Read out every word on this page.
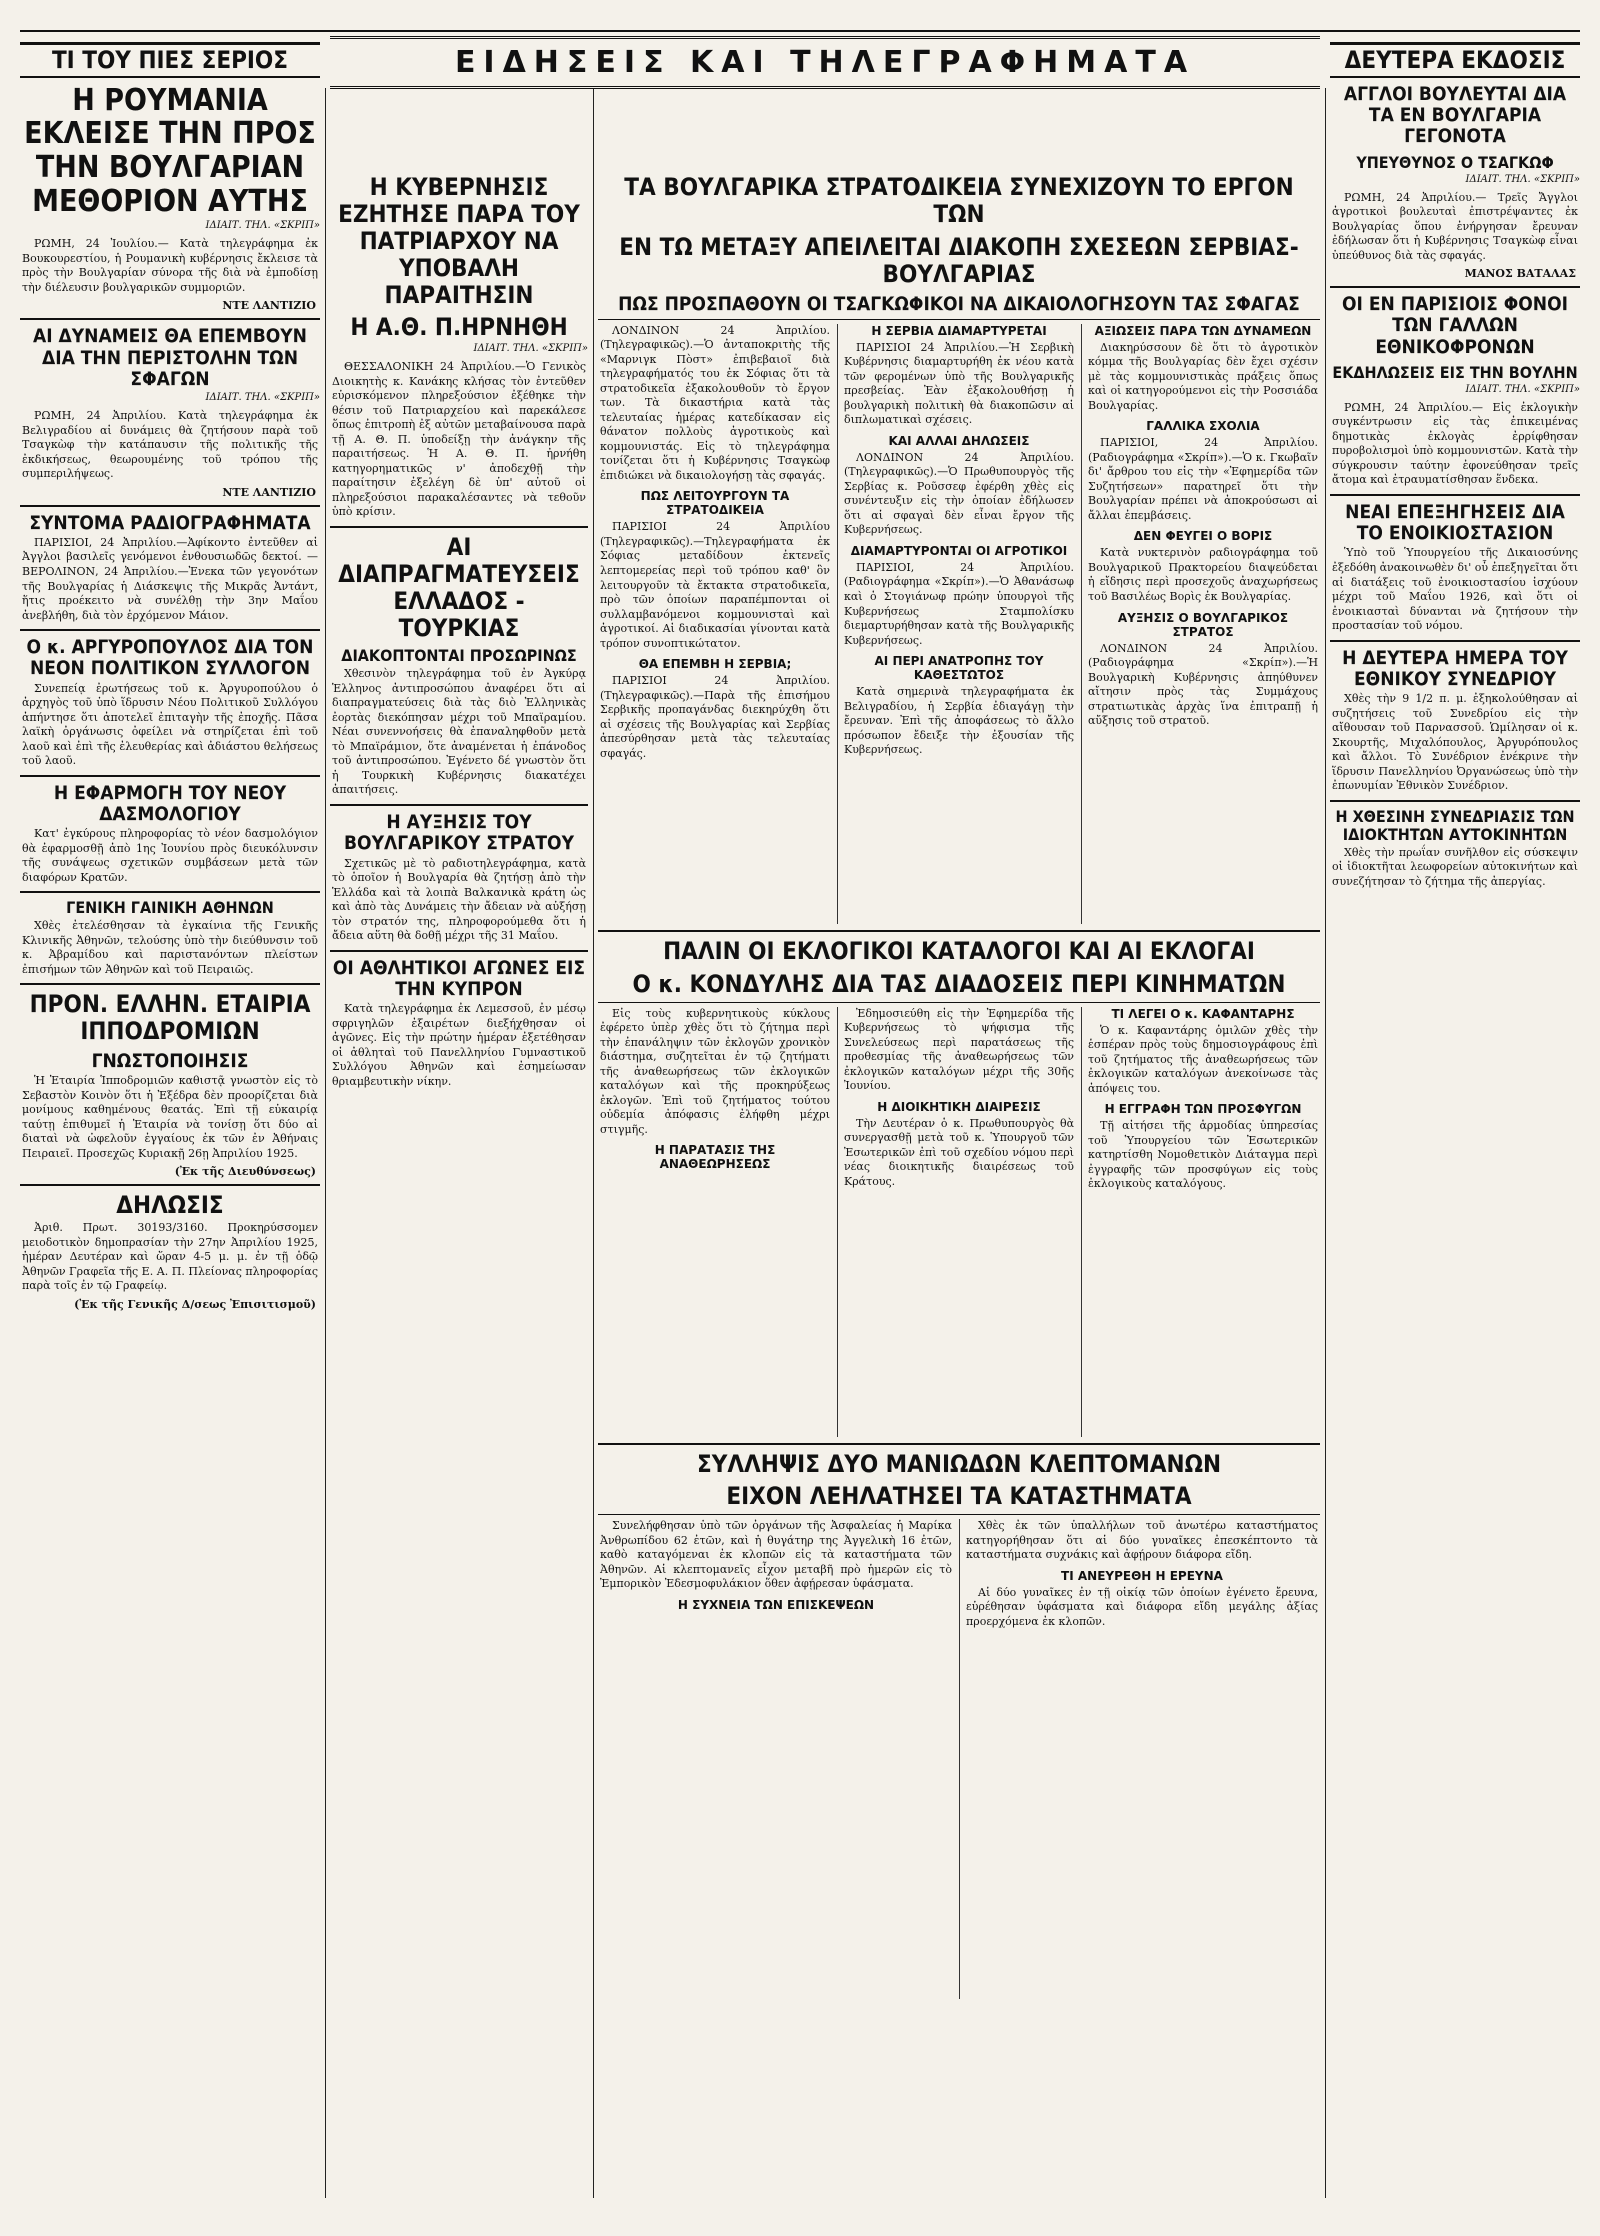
ΕΙΔΗΣΕΙΣ ΚΑΙ ΤΗΛΕΓΡΑΦΗΜΑΤΑ
ΤΙ ΤΟΥ ΠΙΕΣ ΣΕΡΙΟΣ
Η ΡΟΥΜΑΝΙΑ ΕΚΛΕΙΣΕ ΤΗΝ ΠΡΟΣ ΤΗΝ ΒΟΥΛΓΑΡΙΑΝ ΜΕΘΟΡΙΟΝ ΑΥΤΗΣ
ΙΔΙΑΙΤ. ΤΗΛ. «ΣΚΡΙΠ»

ΡΩΜΗ, 24 Ἰουλίου.— Κατὰ τηλεγράφημα ἐκ Βουκουρεστίου, ἡ Ρουμανικὴ κυβέρνησις ἔκλεισε τὰ πρὸς τὴν Βουλγαρίαν σύνορα τῆς διὰ νὰ ἐμποδίσῃ τὴν διέλευσιν βουλγαρικῶν συμμοριῶν.

ΝΤΕ ΛΑΝΤΙΖΙΟ
ΑΙ ΔΥΝΑΜΕΙΣ ΘΑ ΕΠΕΜΒΟΥΝ ΔΙΑ ΤΗΝ ΠΕΡΙΣΤΟΛΗΝ ΤΩΝ ΣΦΑΓΩΝ
ΙΔΙΑΙΤ. ΤΗΛ. «ΣΚΡΙΠ»

ΡΩΜΗ, 24 Ἀπριλίου. Κατὰ τηλεγράφημα ἐκ Βελιγραδίου αἱ δυνάμεις θὰ ζητήσουν παρὰ τοῦ Τσαγκὼφ τὴν κατάπαυσιν τῆς πολιτικῆς τῆς ἐκδικήσεως, θεωρουμένης τοῦ τρόπου τῆς συμπεριλήψεως.

ΝΤΕ ΛΑΝΤΙΖΙΟ
ΣΥΝΤΟΜΑ ΡΑΔΙΟΓΡΑΦΗΜΑΤΑ

ΠΑΡΙΣΙΟΙ, 24 Ἀπριλίου.—Ἀφίκοντο ἐντεῦθεν αἱ Ἀγγλοι βασιλεῖς γενόμενοι ἐνθουσιωδῶς δεκτοί. — ΒΕΡΟΛΙΝΟΝ, 24 Ἀπριλίου.—Ἐνεκα τῶν γεγονότων τῆς Βουλγαρίας ἡ Διάσκεψις τῆς Μικρᾶς Ἀντάντ, ἥτις προέκειτο νὰ συνέλθῃ τὴν 3ην Μαΐου ἀνεβλήθη, διὰ τὸν ἐρχόμενον Μάιον.

Ο κ. ΑΡΓΥΡΟΠΟΥΛΟΣ ΔΙΑ ΤΟΝ ΝΕΟΝ ΠΟΛΙΤΙΚΟΝ ΣΥΛΛΟΓΟΝ

Συνεπείᾳ ἐρωτήσεως τοῦ κ. Ἀργυροπούλου ὁ ἀρχηγὸς τοῦ ὑπὸ ἵδρυσιν Νέου Πολιτικοῦ Συλλόγου ἀπήντησε ὅτι ἀποτελεῖ ἐπιταγὴν τῆς ἐποχῆς. Πᾶσα λαϊκὴ ὀργάνωσις ὀφείλει νὰ στηρίζεται ἐπὶ τοῦ λαοῦ καὶ ἐπὶ τῆς ἐλευθερίας καὶ ἀδιάστου θελήσεως τοῦ λαοῦ.

Η ΕΦΑΡΜΟΓΗ ΤΟΥ ΝΕΟΥ ΔΑΣΜΟΛΟΓΙΟΥ

Κατ' ἐγκύρους πληροφορίας τὸ νέον δασμολόγιον θὰ ἐφαρμοσθῇ ἀπὸ 1ης Ἰουνίου πρὸς διευκόλυνσιν τῆς συνάψεως σχετικῶν συμβάσεων μετὰ τῶν διαφόρων Κρατῶν.

ΓΕΝΙΚΗ ΓΑΙΝΙΚΗ ΑΘΗΝΩΝ

Χθὲς ἐτελέσθησαν τὰ ἐγκαίνια τῆς Γενικῆς Κλινικῆς Ἀθηνῶν, τελούσης ὑπὸ τὴν διεύθυνσιν τοῦ κ. Ἀβραμίδου καὶ παριστανόντων πλείστων ἐπισήμων τῶν Ἀθηνῶν καὶ τοῦ Πειραιῶς.

ΠΡΟΝ. ΕΛΛΗΝ. ΕΤΑΙΡΙΑ ΙΠΠΟΔΡΟΜΙΩΝ
ΓΝΩΣΤΟΠΟΙΗΣΙΣ

Ἡ Ἑταιρία Ἱπποδρομιῶν καθιστᾷ γνωστὸν εἰς τὸ Σεβαστὸν Κοινὸν ὅτι ἡ Ἐξέδρα δὲν προορίζεται διὰ μονίμους καθημένους θεατάς. Ἐπὶ τῇ εὐκαιρίᾳ ταύτῃ ἐπιθυμεῖ ἡ Ἑταιρία νὰ τονίσῃ ὅτι δύο αἱ διαταὶ νὰ ὠφελοῦν ἐγγαίους ἐκ τῶν ἐν Ἀθήναις Πειραιεῖ. Προσεχῶς Κυριακῇ 26ῃ Ἀπριλίου 1925.

(Ἐκ τῆς Διευθύνσεως)
ΔΗΛΩΣΙΣ

Ἀριθ. Πρωτ. 30193/3160. Προκηρύσσομεν μειοδοτικὸν δημοπρασίαν τὴν 27ην Ἀπριλίου 1925, ἡμέραν Δευτέραν καὶ ὥραν 4-5 μ. μ. ἐν τῇ ὁδῷ Ἀθηνῶν Γραφεῖα τῆς Ε. Α. Π. Πλείονας πληροφορίας παρὰ τοῖς ἐν τῷ Γραφείῳ.

(Ἐκ τῆς Γενικῆς Δ/σεως Ἐπισιτισμοῦ)
Η ΚΥΒΕΡΝΗΣΙΣ ΕΖΗΤΗΣΕ ΠΑΡΑ ΤΟΥ ΠΑΤΡΙΑΡΧΟΥ ΝΑ ΥΠΟΒΑΛΗ ΠΑΡΑΙΤΗΣΙΝ
Η Α.Θ. Π.ΗΡΝΗΘΗ
ΙΔΙΑΙΤ. ΤΗΛ. «ΣΚΡΙΠ»

ΘΕΣΣΑΛΟΝΙΚΗ 24 Ἀπριλίου.—Ὁ Γενικὸς Διοικητὴς κ. Κανάκης κλήσας τὸν ἐντεῦθεν εὑρισκόμενον πληρεξούσιον ἐξέθηκε τὴν θέσιν τοῦ Πατριαρχείου καὶ παρεκάλεσε ὅπως ἐπιτροπὴ ἐξ αὐτῶν μεταβαίνουσα παρὰ τῇ Α. Θ. Π. ὑποδείξῃ τὴν ἀνάγκην τῆς παραιτήσεως. Ἡ Α. Θ. Π. ἠρνήθη κατηγορηματικῶς ν' ἀποδεχθῇ τὴν παραίτησιν ἐξελέγη δὲ ὑπ' αὐτοῦ οἱ πληρεξούσιοι παρακαλέσαντες νὰ τεθοῦν ὑπὸ κρίσιν.

ΑΙ ΔΙΑΠΡΑΓΜΑΤΕΥΣΕΙΣ ΕΛΛΑΔΟΣ - ΤΟΥΡΚΙΑΣ
ΔΙΑΚΟΠΤΟΝΤΑΙ ΠΡΟΣΩΡΙΝΩΣ

Χθεσινὸν τηλεγράφημα τοῦ ἐν Ἀγκύρᾳ Ἑλληνος ἀντιπροσώπου ἀναφέρει ὅτι αἱ διαπραγματεύσεις διὰ τὰς διὸ Ἑλληνικὰς ἐορτὰς διεκόπησαν μέχρι τοῦ Μπαϊραμίου. Νέαι συνεννοήσεις θὰ ἐπαναληφθοῦν μετὰ τὸ Μπαϊράμιον, ὅτε ἀναμένεται ἡ ἐπάνοδος τοῦ ἀντιπροσώπου. Ἐγένετο δέ γνωστὸν ὅτι ἡ Τουρκικὴ Κυβέρνησις διακατέχει ἀπαιτήσεις.

Η ΑΥΞΗΣΙΣ ΤΟΥ ΒΟΥΛΓΑΡΙΚΟΥ ΣΤΡΑΤΟΥ

Σχετικῶς μὲ τὸ ραδιοτηλεγράφημα, κατὰ τὸ ὁποῖον ἡ Βουλγαρία θὰ ζητήσῃ ἀπὸ τὴν Ἑλλάδα καὶ τὰ λοιπὰ Βαλκανικὰ κράτη ὡς καὶ ἀπὸ τὰς Δυνάμεις τὴν ἄδειαν νὰ αὐξήσῃ τὸν στρατόν της, πληροφορούμεθα ὅτι ἡ ἄδεια αὕτη θὰ δοθῇ μέχρι τῆς 31 Μαΐου.

ΟΙ ΑΘΛΗΤΙΚΟΙ ΑΓΩΝΕΣ ΕΙΣ ΤΗΝ ΚΥΠΡΟΝ

Κατὰ τηλεγράφημα ἐκ Λεμεσσοῦ, ἐν μέσῳ σφριγηλῶν ἐξαιρέτων διεξήχθησαν οἱ ἀγῶνες. Εἰς τὴν πρώτην ἡμέραν ἐξετέθησαν οἱ ἀθληταὶ τοῦ Πανελληνίου Γυμναστικοῦ Συλλόγου Ἀθηνῶν καὶ ἐσημείωσαν θριαμβευτικὴν νίκην.

ΤΑ ΒΟΥΛΓΑΡΙΚΑ ΣΤΡΑΤΟΔΙΚΕΙΑ ΣΥΝΕΧΙΖΟΥΝ ΤΟ ΕΡΓΟΝ ΤΩΝ
ΕΝ ΤΩ ΜΕΤΑΞΥ ΑΠΕΙΛΕΙΤΑΙ ΔΙΑΚΟΠΗ ΣΧΕΣΕΩΝ ΣΕΡΒΙΑΣ-ΒΟΥΛΓΑΡΙΑΣ
ΠΩΣ ΠΡΟΣΠΑΘΟΥΝ ΟΙ ΤΣΑΓΚΩΦΙΚΟΙ ΝΑ ΔΙΚΑΙΟΛΟΓΗΣΟΥΝ ΤΑΣ ΣΦΑΓΑΣ

ΛΟΝΔΙΝΟΝ 24 Ἀπριλίου. (Τηλεγραφικῶς).—Ὁ ἀνταποκριτὴς τῆς «Μαρνιγκ Πὸστ» ἐπιβεβαιοῖ διὰ τηλεγραφήματός του ἐκ Σόφιας ὅτι τὰ στρατοδικεῖα ἐξακολουθοῦν τὸ ἔργον των. Τὰ δικαστήρια κατὰ τὰς τελευταίας ἡμέρας κατεδίκασαν εἰς θάνατον πολλοὺς ἀγροτικοὺς καὶ κομμουνιστάς. Εἰς τὸ τηλεγράφημα τονίζεται ὅτι ἡ Κυβέρνησις Τσαγκὼφ ἐπιδιώκει νὰ δικαιολογήσῃ τὰς σφαγάς.

ΠΩΣ ΛΕΙΤΟΥΡΓΟΥΝ ΤΑ ΣΤΡΑΤΟΔΙΚΕΙΑ

ΠΑΡΙΣΙΟΙ 24 Ἀπριλίου (Τηλεγραφικῶς).—Τηλεγραφήματα ἐκ Σόφιας μεταδίδουν ἐκτενεῖς λεπτομερείας περὶ τοῦ τρόπου καθ' ὃν λειτουργοῦν τὰ ἔκτακτα στρατοδικεῖα, πρὸ τῶν ὁποίων παραπέμπονται οἱ συλλαμβανόμενοι κομμουνισταὶ καὶ ἀγροτικοί. Αἱ διαδικασίαι γίνονται κατὰ τρόπον συνοπτικώτατον.

ΘΑ ΕΠΕΜΒΗ Η ΣΕΡΒΙΑ;

ΠΑΡΙΣΙΟΙ 24 Ἀπριλίου. (Τηλεγραφικῶς).—Παρὰ τῆς ἐπισήμου Σερβικῆς προπαγάνδας διεκηρύχθη ὅτι αἱ σχέσεις τῆς Βουλγαρίας καὶ Σερβίας ἀπεσύρθησαν μετὰ τὰς τελευταίας σφαγάς.

Η ΣΕΡΒΙΑ ΔΙΑΜΑΡΤΥΡΕΤΑΙ

ΠΑΡΙΣΙΟΙ 24 Ἀπριλίου.—Ἡ Σερβικὴ Κυβέρνησις διαμαρτυρήθη ἐκ νέου κατὰ τῶν φερομένων ὑπὸ τῆς Βουλγαρικῆς πρεσβείας. Ἐὰν ἐξακολουθήσῃ ἡ βουλγαρικὴ πολιτικὴ θὰ διακοπῶσιν αἱ διπλωματικαὶ σχέσεις.

ΚΑΙ ΑΛΛΑΙ ΔΗΛΩΣΕΙΣ

ΛΟΝΔΙΝΟΝ 24 Ἀπριλίου. (Τηλεγραφικῶς).—Ὁ Πρωθυπουργὸς τῆς Σερβίας κ. Ροῦσσεφ ἐφέρθη χθὲς εἰς συνέντευξιν εἰς τὴν ὁποίαν ἐδήλωσεν ὅτι αἱ σφαγαὶ δὲν εἶναι ἔργον τῆς Κυβερνήσεως.

ΔΙΑΜΑΡΤΥΡΟΝΤΑΙ ΟΙ ΑΓΡΟΤΙΚΟΙ

ΠΑΡΙΣΙΟΙ, 24 Ἀπριλίου. (Ραδιογράφημα «Σκρίπ»).—Ὁ Ἀθανάσωφ καὶ ὁ Στογιάνωφ πρώην ὑπουργοὶ τῆς Κυβερνήσεως Σταμπολίσκυ διεμαρτυρήθησαν κατὰ τῆς Βουλγαρικῆς Κυβερνήσεως.

ΑΙ ΠΕΡΙ ΑΝΑΤΡΟΠΗΣ ΤΟΥ ΚΑΘΕΣΤΩΤΟΣ

Κατὰ σημερινὰ τηλεγραφήματα ἐκ Βελιγραδίου, ἡ Σερβία ἐδιαγάγῃ τὴν ἔρευναν. Ἐπὶ τῆς ἀποφάσεως τὸ ἄλλο πρόσωπον ἔδειξε τὴν ἐξουσίαν τῆς Κυβερνήσεως.

ΑΞΙΩΣΕΙΣ ΠΑΡΑ ΤΩΝ ΔΥΝΑΜΕΩΝ

Διακηρύσσουν δὲ ὅτι τὸ ἀγροτικὸν κόμμα τῆς Βουλγαρίας δὲν ἔχει σχέσιν μὲ τὰς κομμουνιστικὰς πράξεις ὅπως καὶ οἱ κατηγορούμενοι εἰς τὴν Ροσσιάδα Βουλγαρίας.

ΓΑΛΛΙΚΑ ΣΧΟΛΙΑ

ΠΑΡΙΣΙΟΙ, 24 Ἀπριλίου. (Ραδιογράφημα «Σκρίπ»).—Ὁ κ. Γκωβαῖν δι' ἄρθρου του εἰς τὴν «Ἐφημερίδα τῶν Συζητήσεων» παρατηρεῖ ὅτι τὴν Βουλγαρίαν πρέπει νὰ ἀποκρούσωσι αἱ ἄλλαι ἐπεμβάσεις.

ΔΕΝ ΦΕΥΓΕΙ Ο ΒΟΡΙΣ

Κατὰ νυκτερινὸν ραδιογράφημα τοῦ Βουλγαρικοῦ Πρακτορείου διαψεύδεται ἡ εἴδησις περὶ προσεχοῦς ἀναχωρήσεως τοῦ Βασιλέως Βορὶς ἐκ Βουλγαρίας.

ΑΥΞΗΣΙΣ Ο ΒΟΥΛΓΑΡΙΚΟΣ ΣΤΡΑΤΟΣ

ΛΟΝΔΙΝΟΝ 24 Ἀπριλίου. (Ραδιογράφημα «Σκρίπ»).—Ἡ Βουλγαρικὴ Κυβέρνησις ἀπηύθυνεν αἴτησιν πρὸς τὰς Συμμάχους στρατιωτικὰς ἀρχὰς ἵνα ἐπιτραπῇ ἡ αὔξησις τοῦ στρατοῦ.

ΠΑΛΙΝ ΟΙ ΕΚΛΟΓΙΚΟΙ ΚΑΤΑΛΟΓΟΙ ΚΑΙ ΑΙ ΕΚΛΟΓΑΙ
Ο κ. ΚΟΝΔΥΛΗΣ ΔΙΑ ΤΑΣ ΔΙΑΔΟΣΕΙΣ ΠΕΡΙ ΚΙΝΗΜΑΤΩΝ

Εἰς τοὺς κυβερνητικοὺς κύκλους ἐφέρετο ὑπὲρ χθὲς ὅτι τὸ ζήτημα περὶ τὴν ἐπανάληψιν τῶν ἐκλογῶν χρονικὸν διάστημα, συζητεῖται ἐν τῷ ζητήματι τῆς ἀναθεωρήσεως τῶν ἐκλογικῶν καταλόγων καὶ τῆς προκηρύξεως ἐκλογῶν. Ἐπὶ τοῦ ζητήματος τούτου οὐδεμία ἀπόφασις ἐλήφθη μέχρι στιγμῆς.

Η ΠΑΡΑΤΑΣΙΣ ΤΗΣ ΑΝΑΘΕΩΡΗΣΕΩΣ

Ἐδημοσιεύθη εἰς τὴν Ἐφημερίδα τῆς Κυβερνήσεως τὸ ψήφισμα τῆς Συνελεύσεως περὶ παρατάσεως τῆς προθεσμίας τῆς ἀναθεωρήσεως τῶν ἐκλογικῶν καταλόγων μέχρι τῆς 30ῆς Ἰουνίου.

Η ΔΙΟΙΚΗΤΙΚΗ ΔΙΑΙΡΕΣΙΣ

Τὴν Δευτέραν ὁ κ. Πρωθυπουργὸς θὰ συνεργασθῇ μετὰ τοῦ κ. Ὑπουργοῦ τῶν Ἐσωτερικῶν ἐπὶ τοῦ σχεδίου νόμου περὶ νέας διοικητικῆς διαιρέσεως τοῦ Κράτους.

ΤΙ ΛΕΓΕΙ Ο κ. ΚΑΦΑΝΤΑΡΗΣ

Ὁ κ. Καφαντάρης ὁμιλῶν χθὲς τὴν ἑσπέραν πρὸς τοὺς δημοσιογράφους ἐπὶ τοῦ ζητήματος τῆς ἀναθεωρήσεως τῶν ἐκλογικῶν καταλόγων ἀνεκοίνωσε τὰς ἀπόψεις του.

Η ΕΓΓΡΑΦΗ ΤΩΝ ΠΡΟΣΦΥΓΩΝ

Τῇ αἰτήσει τῆς ἁρμοδίας ὑπηρεσίας τοῦ Ὑπουργείου τῶν Ἐσωτερικῶν κατηρτίσθη Νομοθετικὸν Διάταγμα περὶ ἐγγραφῆς τῶν προσφύγων εἰς τοὺς ἐκλογικοὺς καταλόγους.

ΣΥΛΛΗΨΙΣ ΔΥΟ ΜΑΝΙΩΔΩΝ ΚΛΕΠΤΟΜΑΝΩΝ
ΕΙΧΟΝ ΛΕΗΛΑΤΗΣΕΙ ΤΑ ΚΑΤΑΣΤΗΜΑΤΑ

Συνελήφθησαν ὑπὸ τῶν ὀργάνων τῆς Ἀσφαλείας ἡ Μαρίκα Ἀνθρωπίδου 62 ἐτῶν, καὶ ἡ θυγάτηρ της Ἀγγελικὴ 16 ἐτῶν, καθὸ καταγόμεναι ἐκ κλοπῶν εἰς τὰ καταστήματα τῶν Ἀθηνῶν. Αἱ κλεπτομανεῖς εἶχον μεταβῆ πρὸ ἡμερῶν εἰς τὸ Ἐμπορικὸν Ἐδεσμοφυλάκιον ὅθεν ἀφῄρεσαν ὑφάσματα.

Η ΣΥΧΝΕΙΑ ΤΩΝ ΕΠΙΣΚΕΨΕΩΝ

Χθὲς ἐκ τῶν ὑπαλλήλων τοῦ ἀνωτέρω καταστήματος κατηγορήθησαν ὅτι αἱ δύο γυναῖκες ἐπεσκέπτοντο τὰ καταστήματα συχνάκις καὶ ἀφῄρουν διάφορα εἴδη.

ΤΙ ΑΝΕΥΡΕΘΗ Η ΕΡΕΥΝΑ

Αἱ δύο γυναῖκες ἐν τῇ οἰκίᾳ τῶν ὁποίων ἐγένετο ἔρευνα, εὑρέθησαν ὑφάσματα καὶ διάφορα εἴδη μεγάλης ἀξίας προερχόμενα ἐκ κλοπῶν.

ΔΕΥΤΕΡΑ ΕΚΔΟΣΙΣ
ΑΓΓΛΟΙ ΒΟΥΛΕΥΤΑΙ ΔΙΑ ΤΑ ΕΝ ΒΟΥΛΓΑΡΙΑ ΓΕΓΟΝΟΤΑ
ΥΠΕΥΘΥΝΟΣ Ο ΤΣΑΓΚΩΦ
ΙΔΙΑΙΤ. ΤΗΛ. «ΣΚΡΙΠ»

ΡΩΜΗ, 24 Ἀπριλίου.— Τρεῖς Ἄγγλοι ἀγροτικοὶ βουλευταὶ ἐπιστρέψαντες ἐκ Βουλγαρίας ὅπου ἐνήργησαν ἔρευναν ἐδήλωσαν ὅτι ἡ Κυβέρνησις Τσαγκὼφ εἶναι ὑπεύθυνος διὰ τὰς σφαγάς.

ΜΑΝΟΣ ΒΑΤΑΛΑΣ
ΟΙ ΕΝ ΠΑΡΙΣΙΟΙΣ ΦΟΝΟΙ ΤΩΝ ΓΑΛΛΩΝ ΕΘΝΙΚΟΦΡΟΝΩΝ
ΕΚΔΗΛΩΣΕΙΣ ΕΙΣ ΤΗΝ ΒΟΥΛΗΝ
ΙΔΙΑΙΤ. ΤΗΛ. «ΣΚΡΙΠ»

ΡΩΜΗ, 24 Ἀπριλίου.— Εἰς ἐκλογικὴν συγκέντρωσιν εἰς τὰς ἐπικειμένας δημοτικὰς ἐκλογὰς ἐρρίφθησαν πυροβολισμοὶ ὑπὸ κομμουνιστῶν. Κατὰ τὴν σύγκρουσιν ταύτην ἐφονεύθησαν τρεῖς ἄτομα καὶ ἐτραυματίσθησαν ἕνδεκα.

ΝΕΑΙ ΕΠΕΞΗΓΗΣΕΙΣ ΔΙΑ ΤΟ ΕΝΟΙΚΙΟΣΤΑΣΙΟΝ

Ὑπὸ τοῦ Ὑπουργείου τῆς Δικαιοσύνης ἐξεδόθη ἀνακοινωθὲν δι' οὗ ἐπεξηγεῖται ὅτι αἱ διατάξεις τοῦ ἐνοικιοστασίου ἰσχύουν μέχρι τοῦ Μαΐου 1926, καὶ ὅτι οἱ ἐνοικιασταὶ δύνανται νὰ ζητήσουν τὴν προστασίαν τοῦ νόμου.

Η ΔΕΥΤΕΡΑ ΗΜΕΡΑ ΤΟΥ ΕΘΝΙΚΟΥ ΣΥΝΕΔΡΙΟΥ

Χθὲς τὴν 9 1/2 π. μ. ἐξηκολούθησαν αἱ συζητήσεις τοῦ Συνεδρίου εἰς τὴν αἴθουσαν τοῦ Παρνασσοῦ. Ὡμίλησαν οἱ κ. Σκουρτῆς, Μιχαλόπουλος, Ἀργυρόπουλος καὶ ἄλλοι. Τὸ Συνέδριον ἐνέκρινε τὴν ἵδρυσιν Πανελληνίου Ὀργανώσεως ὑπὸ τὴν ἐπωνυμίαν Ἐθνικὸν Συνέδριον.

Η ΧΘΕΣΙΝΗ ΣΥΝΕΔΡΙΑΣΙΣ ΤΩΝ ΙΔΙΟΚΤΗΤΩΝ ΑΥΤΟΚΙΝΗΤΩΝ

Χθὲς τὴν πρωΐαν συνῆλθον εἰς σύσκεψιν οἱ ἰδιοκτῆται λεωφορείων αὐτοκινήτων καὶ συνεζήτησαν τὸ ζήτημα τῆς ἀπεργίας.
